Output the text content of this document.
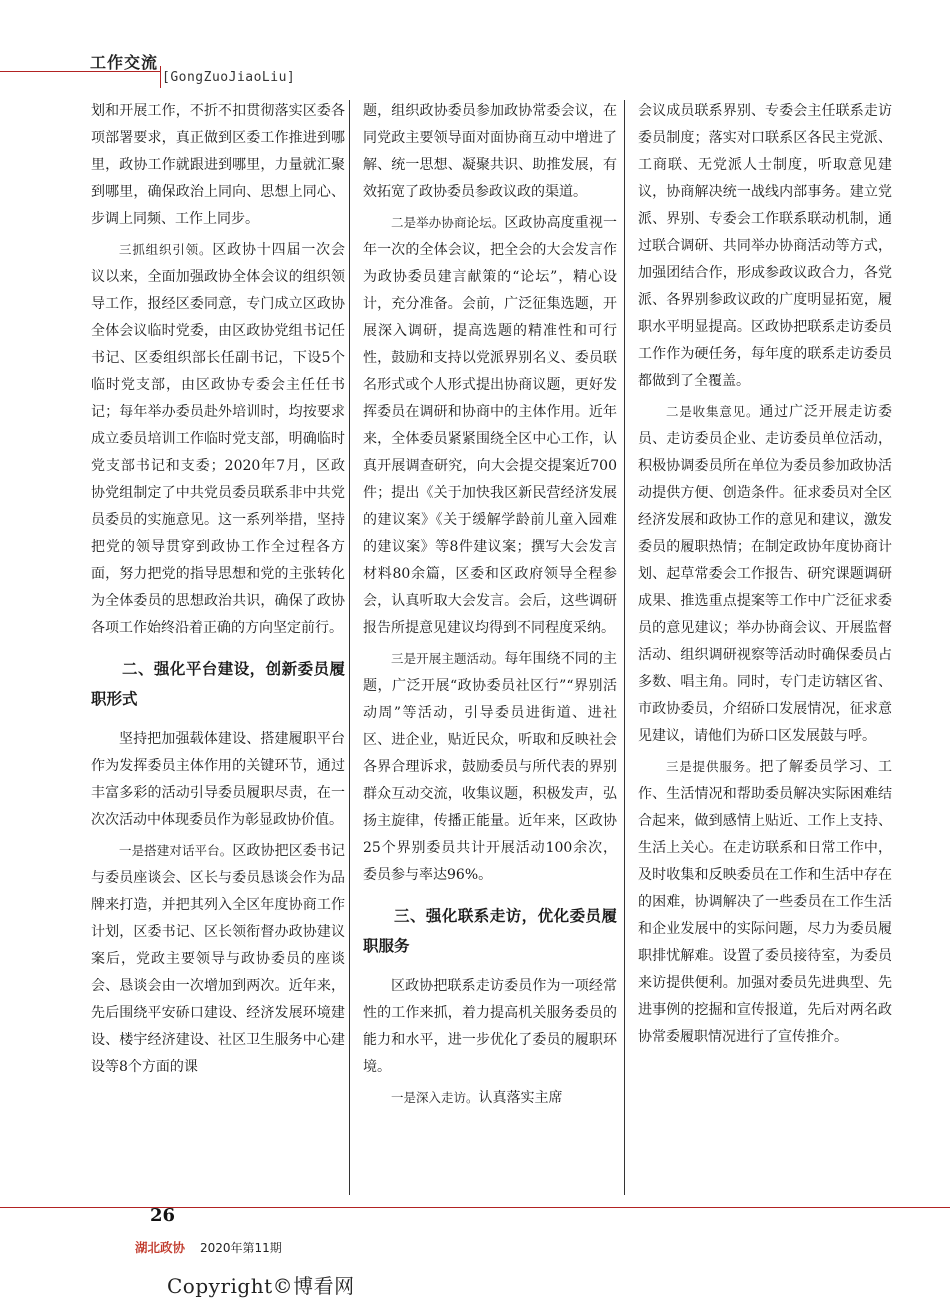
工作交流
[GongZuoJiaoLiu]

划和开展工作，不折不扣贯彻落实区委各项部署要求，真正做到区委工作推进到哪里，政协工作就跟进到哪里，力量就汇聚到哪里，确保政治上同向、思想上同心、步调上同频、工作上同步。

三抓组织引领。区政协十四届一次会议以来，全面加强政协全体会议的组织领导工作，报经区委同意，专门成立区政协全体会议临时党委，由区政协党组书记任书记、区委组织部长任副书记，下设5个临时党支部，由区政协专委会主任任书记；每年举办委员赴外培训时，均按要求成立委员培训工作临时党支部，明确临时党支部书记和支委；2020年7月，区政协党组制定了中共党员委员联系非中共党员委员的实施意见。这一系列举措，坚持把党的领导贯穿到政协工作全过程各方面，努力把党的指导思想和党的主张转化为全体委员的思想政治共识，确保了政协各项工作始终沿着正确的方向坚定前行。

二、强化平台建设，创新委员履职形式

坚持把加强载体建设、搭建履职平台作为发挥委员主体作用的关键环节，通过丰富多彩的活动引导委员履职尽责，在一次次活动中体现委员作为彰显政协价值。

一是搭建对话平台。区政协把区委书记与委员座谈会、区长与委员恳谈会作为品牌来打造，并把其列入全区年度协商工作计划，区委书记、区长领衔督办政协建议案后，党政主要领导与政协委员的座谈会、恳谈会由一次增加到两次。近年来，先后围绕平安硚口建设、经济发展环境建设、楼宇经济建设、社区卫生服务中心建设等8个方面的课

题，组织政协委员参加政协常委会议，在同党政主要领导面对面协商互动中增进了解、统一思想、凝聚共识、助推发展，有效拓宽了政协委员参政议政的渠道。

二是举办协商论坛。区政协高度重视一年一次的全体会议，把全会的大会发言作为政协委员建言献策的“论坛”，精心设计，充分准备。会前，广泛征集选题，开展深入调研，提高选题的精准性和可行性，鼓励和支持以党派界别名义、委员联名形式或个人形式提出协商议题，更好发挥委员在调研和协商中的主体作用。近年来，全体委员紧紧围绕全区中心工作，认真开展调查研究，向大会提交提案近700件；提出《关于加快我区新民营经济发展的建议案》《关于缓解学龄前儿童入园难的建议案》等8件建议案；撰写大会发言材料80余篇，区委和区政府领导全程参会，认真听取大会发言。会后，这些调研报告所提意见建议均得到不同程度采纳。

三是开展主题活动。每年围绕不同的主题，广泛开展“政协委员社区行”“界别活动周”等活动，引导委员进街道、进社区、进企业，贴近民众，听取和反映社会各界合理诉求，鼓励委员与所代表的界别群众互动交流，收集议题，积极发声，弘扬主旋律，传播正能量。近年来，区政协25个界别委员共计开展活动100余次，委员参与率达96%。

三、强化联系走访，优化委员履职服务

区政协把联系走访委员作为一项经常性的工作来抓，着力提高机关服务委员的能力和水平，进一步优化了委员的履职环境。

一是深入走访。认真落实主席

会议成员联系界别、专委会主任联系走访委员制度；落实对口联系区各民主党派、工商联、无党派人士制度，听取意见建议，协商解决统一战线内部事务。建立党派、界别、专委会工作联系联动机制，通过联合调研、共同举办协商活动等方式，加强团结合作，形成参政议政合力，各党派、各界别参政议政的广度明显拓宽，履职水平明显提高。区政协把联系走访委员工作作为硬任务，每年度的联系走访委员都做到了全覆盖。

二是收集意见。通过广泛开展走访委员、走访委员企业、走访委员单位活动，积极协调委员所在单位为委员参加政协活动提供方便、创造条件。征求委员对全区经济发展和政协工作的意见和建议，激发委员的履职热情；在制定政协年度协商计划、起草常委会工作报告、研究课题调研成果、推选重点提案等工作中广泛征求委员的意见建议；举办协商会议、开展监督活动、组织调研视察等活动时确保委员占多数、唱主角。同时，专门走访辖区省、市政协委员，介绍硚口发展情况，征求意见建议，请他们为硚口区发展鼓与呼。

三是提供服务。把了解委员学习、工作、生活情况和帮助委员解决实际困难结合起来，做到感情上贴近、工作上支持、生活上关心。在走访联系和日常工作中，及时收集和反映委员在工作和生活中存在的困难，协调解决了一些委员在工作生活和企业发展中的实际问题，尽力为委员履职排忧解难。设置了委员接待室，为委员来访提供便利。加强对委员先进典型、先进事例的挖掘和宣传报道，先后对两名政协常委履职情况进行了宣传推介。

26
湖北政协 2020年第11期
Copyright©博看网
